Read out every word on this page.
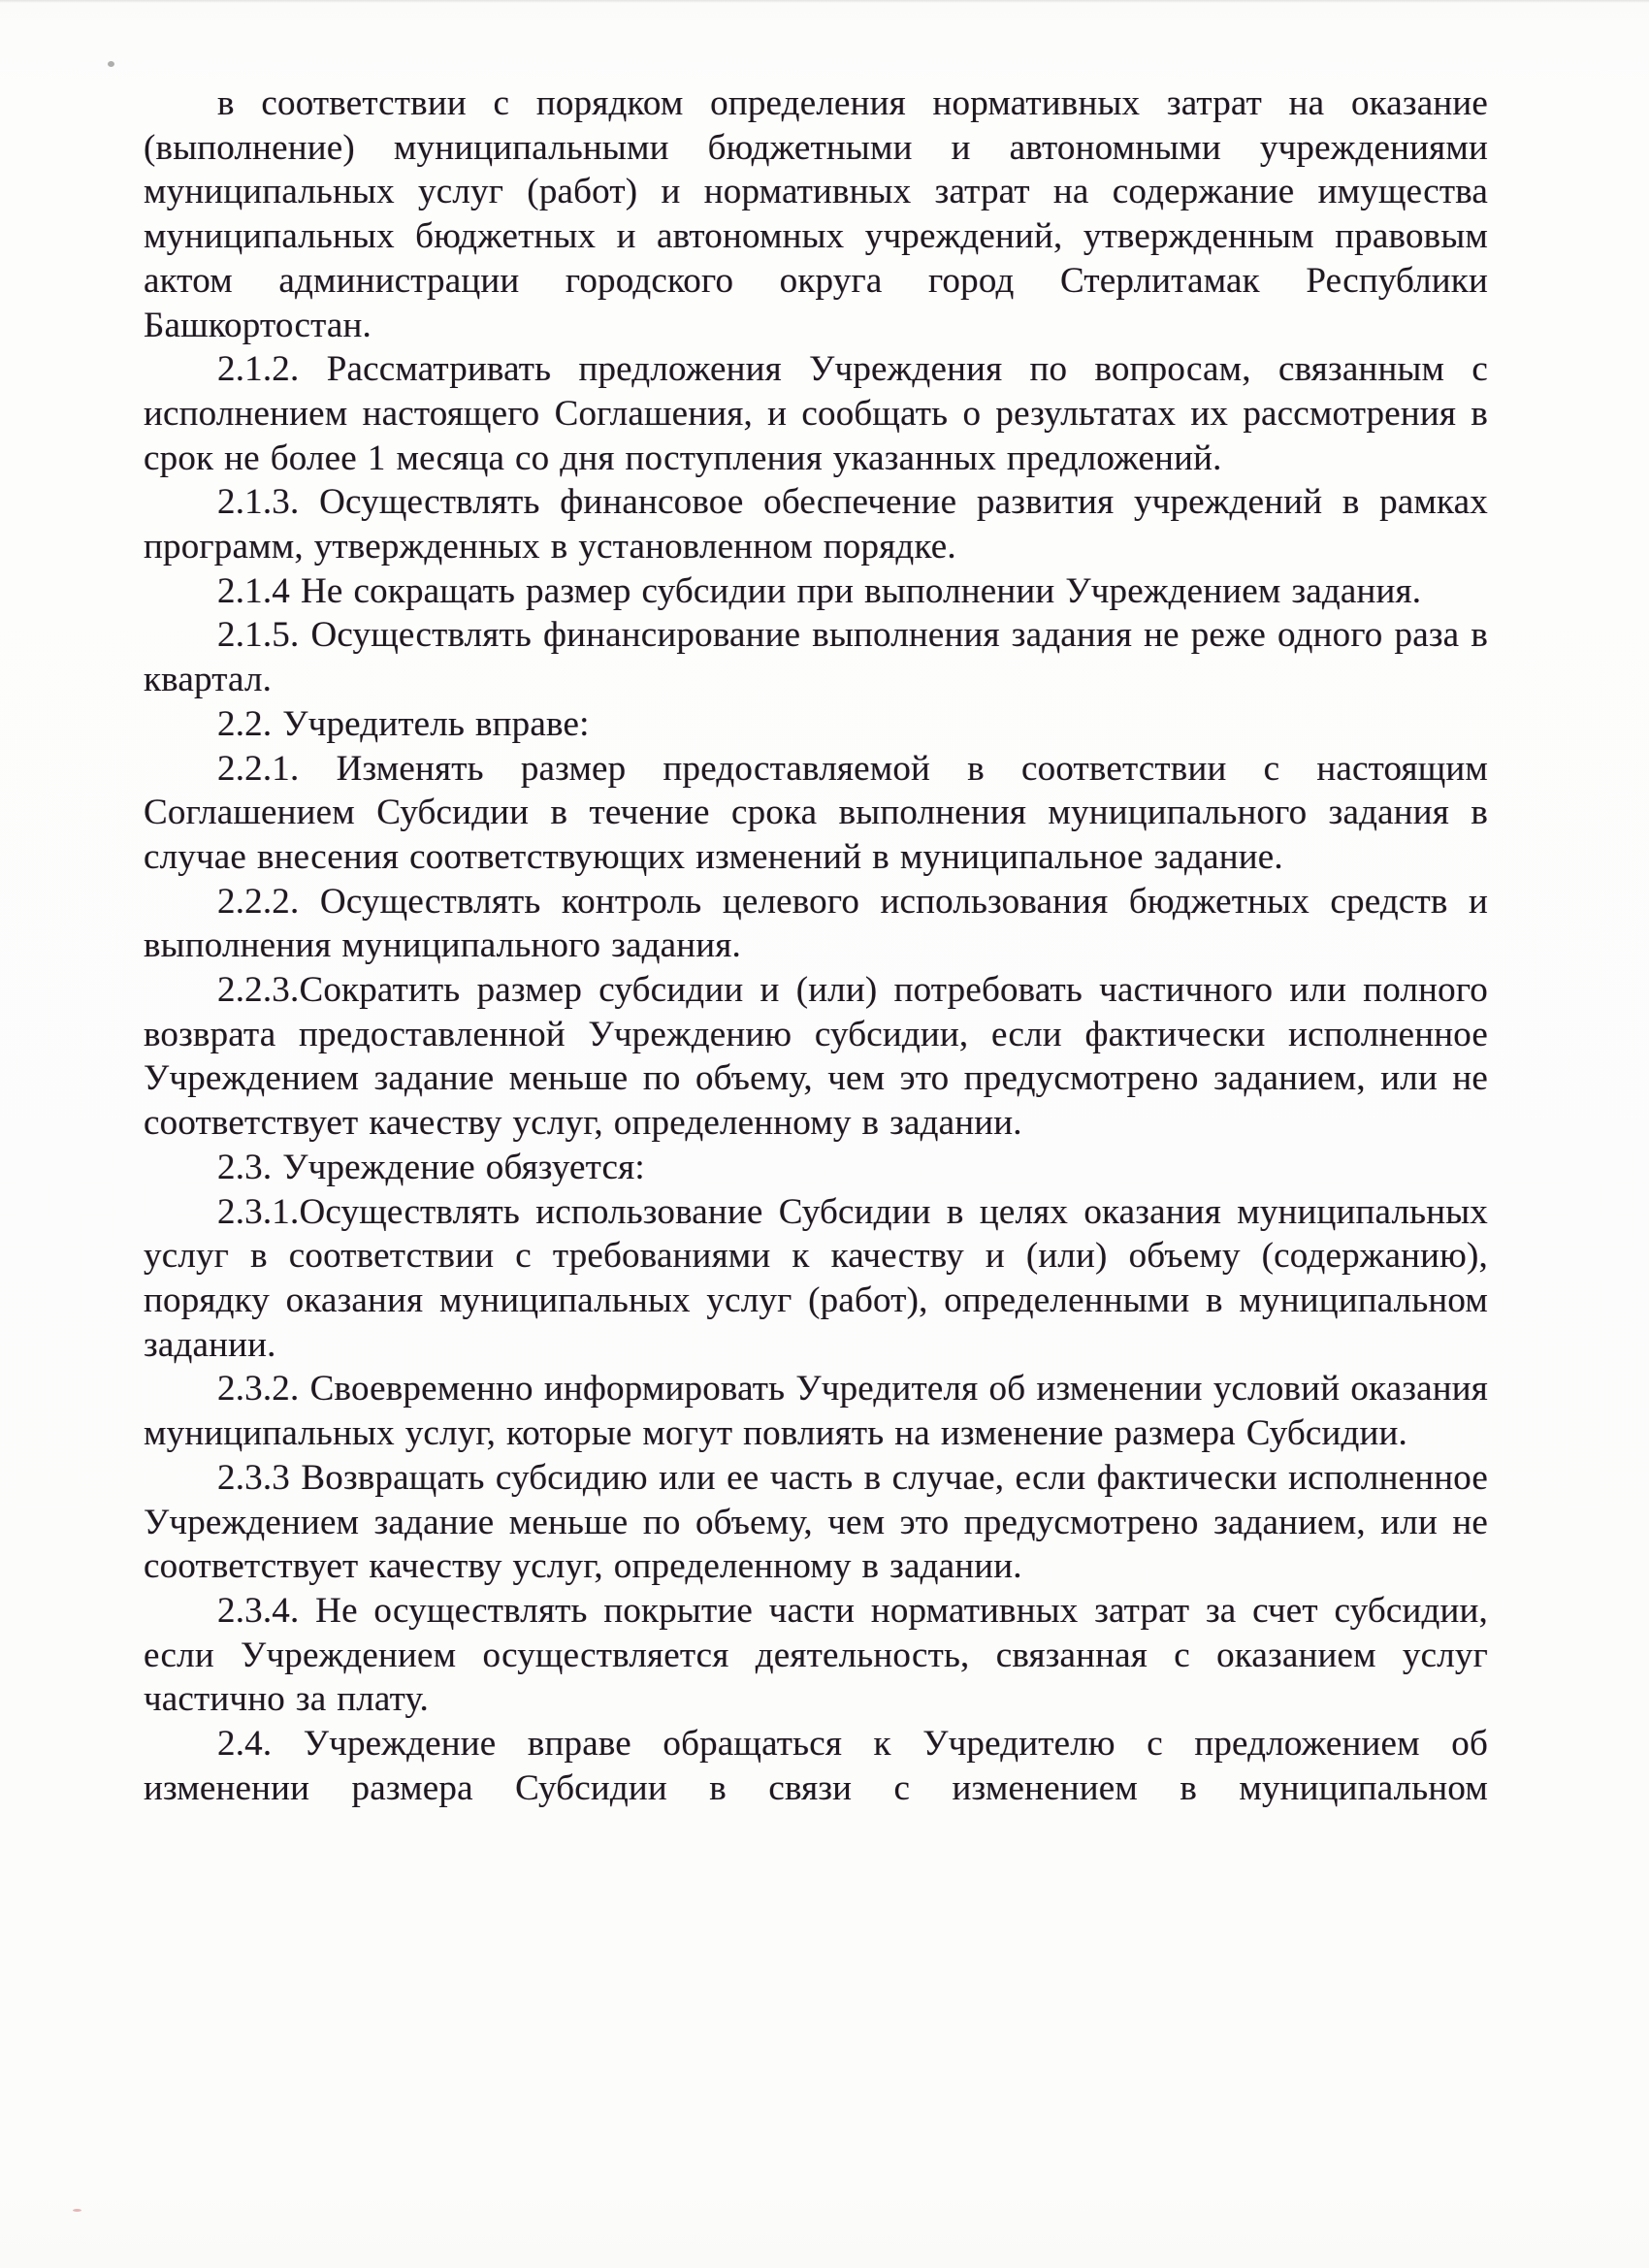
в соответствии с порядком определения нормативных затрат на оказание (выполнение) муниципальными бюджетными и автономными учреждениями муниципальных услуг (работ) и нормативных затрат на содержание имущества муниципальных бюджетных и автономных учреждений, утвержденным правовым актом администрации городского округа город Стерлитамак Республики Башкортостан.

2.1.2. Рассматривать предложения Учреждения по вопросам, связанным с исполнением настоящего Соглашения, и сообщать о результатах их рассмотрения в срок не более 1 месяца со дня поступления указанных предложений.

2.1.3. Осуществлять финансовое обеспечение развития учреждений в рамках программ, утвержденных в установленном порядке.

2.1.4 Не сокращать размер субсидии при выполнении Учреждением задания.

2.1.5. Осуществлять финансирование выполнения задания не реже одного раза в квартал.

2.2. Учредитель вправе:

2.2.1. Изменять размер предоставляемой в соответствии с настоящим Соглашением Субсидии в течение срока выполнения муниципального задания в случае внесения соответствующих изменений в муниципальное задание.

2.2.2. Осуществлять контроль целевого использования бюджетных средств и выполнения муниципального задания.

2.2.3.Сократить размер субсидии и (или) потребовать частичного или полного возврата предоставленной Учреждению субсидии, если фактически исполненное Учреждением задание меньше по объему, чем это предусмотрено заданием, или не соответствует качеству услуг, определенному в задании.

2.3. Учреждение обязуется:

2.3.1.Осуществлять использование Субсидии в целях оказания муниципальных услуг в соответствии с требованиями к качеству и (или) объему (содержанию), порядку оказания муниципальных услуг (работ), определенными в муниципальном задании.

2.3.2. Своевременно информировать Учредителя об изменении условий оказания муниципальных услуг, которые могут повлиять на изменение размера Субсидии.

2.3.3 Возвращать субсидию или ее часть в случае, если фактически исполненное Учреждением задание меньше по объему, чем это предусмотрено заданием, или не соответствует качеству услуг, определенному в задании.

2.3.4. Не осуществлять покрытие части нормативных затрат за счет субсидии, если Учреждением осуществляется деятельность, связанная с оказанием услуг частично за плату.

2.4. Учреждение вправе обращаться к Учредителю с предложением об изменении размера Субсидии в связи с изменением в муниципальном
